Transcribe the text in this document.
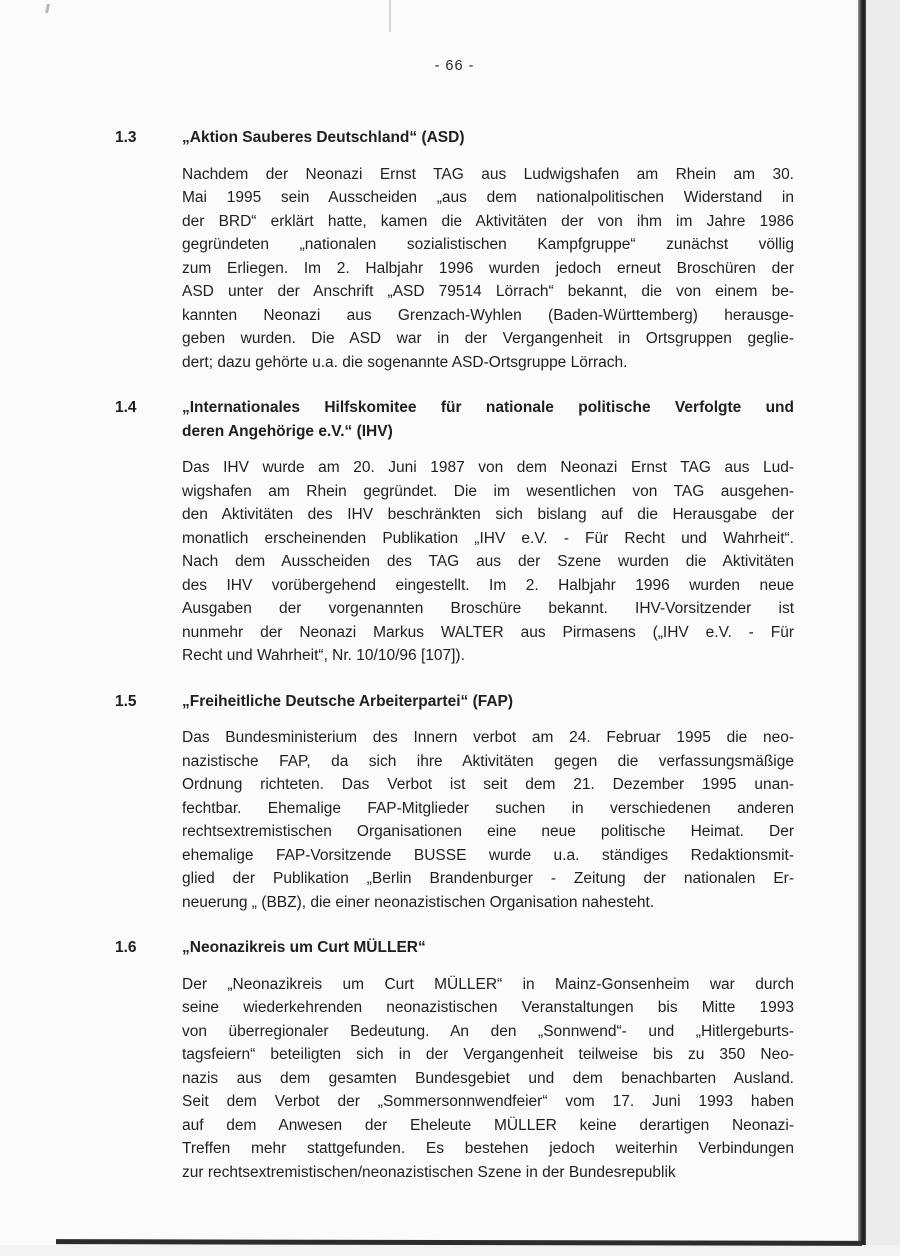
- 66 -
1.3	„Aktion Sauberes Deutschland“ (ASD)
Nachdem der Neonazi Ernst TAG aus Ludwigshafen am Rhein am 30.
Mai 1995 sein Ausscheiden „aus dem nationalpolitischen Widerstand in
der BRD“ erklärt hatte, kamen die Aktivitäten der von ihm im Jahre 1986
gegründeten „nationalen sozialistischen Kampfgruppe“ zunächst völlig
zum Erliegen. Im 2. Halbjahr 1996 wurden jedoch erneut Broschüren der
ASD unter der Anschrift „ASD 79514 Lörrach“ bekannt, die von einem be-
kannten Neonazi aus Grenzach-Wyhlen (Baden-Württemberg) herausge-
geben wurden. Die ASD war in der Vergangenheit in Ortsgruppen geglie-
dert; dazu gehörte u.a. die sogenannte ASD-Ortsgruppe Lörrach.
1.4	„Internationales Hilfskomitee für nationale politische Verfolgte und
deren Angehörige e.V.“ (IHV)
Das IHV wurde am 20. Juni 1987 von dem Neonazi Ernst TAG aus Lud-
wigshafen am Rhein gegründet. Die im wesentlichen von TAG ausgehen-
den Aktivitäten des IHV beschränkten sich bislang auf die Herausgabe der
monatlich erscheinenden Publikation „IHV e.V. - Für Recht und Wahrheit“.
Nach dem Ausscheiden des TAG aus der Szene wurden die Aktivitäten
des IHV vorübergehend eingestellt. Im 2. Halbjahr 1996 wurden neue
Ausgaben der vorgenannten Broschüre bekannt. IHV-Vorsitzender ist
nunmehr der Neonazi Markus WALTER aus Pirmasens („IHV e.V. - Für
Recht und Wahrheit“, Nr. 10/10/96 [107]).
1.5	„Freiheitliche Deutsche Arbeiterpartei“ (FAP)
Das Bundesministerium des Innern verbot am 24. Februar 1995 die neo-
nazistische FAP, da sich ihre Aktivitäten gegen die verfassungsmäßige
Ordnung richteten. Das Verbot ist seit dem 21. Dezember 1995 unan-
fechtbar. Ehemalige FAP-Mitglieder suchen in verschiedenen anderen
rechtsextremistischen Organisationen eine neue politische Heimat. Der
ehemalige FAP-Vorsitzende BUSSE wurde u.a. ständiges Redaktionsmit-
glied der Publikation „Berlin Brandenburger - Zeitung der nationalen Er-
neuerung „ (BBZ), die einer neonazistischen Organisation nahesteht.
1.6	„Neonazikreis um Curt MÜLLER“
Der „Neonazikreis um Curt MÜLLER“ in Mainz-Gonsenheim war durch
seine wiederkehrenden neonazistischen Veranstaltungen bis Mitte 1993
von überregionaler Bedeutung. An den „Sonnwend“- und „Hitlergeburts-
tagsfeiern“ beteiligten sich in der Vergangenheit teilweise bis zu 350 Neo-
nazis aus dem gesamten Bundesgebiet und dem benachbarten Ausland.
Seit dem Verbot der „Sommersonnwendfeier“ vom 17. Juni 1993 haben
auf dem Anwesen der Eheleute MÜLLER keine derartigen Neonazi-
Treffen mehr stattgefunden. Es bestehen jedoch weiterhin Verbindungen
zur rechtsextremistischen/neonazistischen Szene in der Bundesrepublik
